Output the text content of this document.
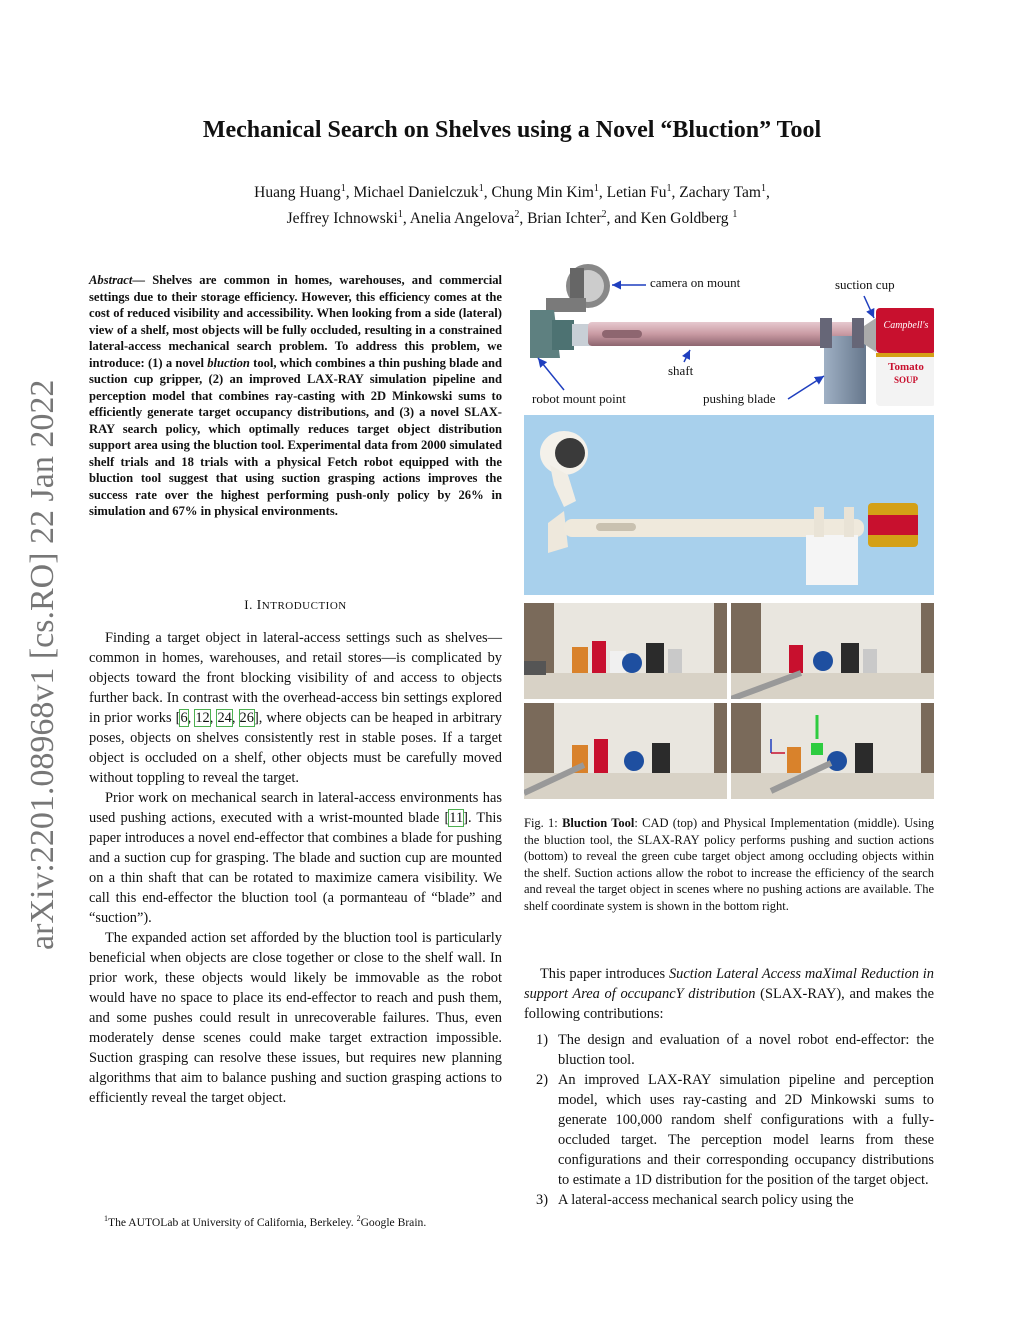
arXiv:2201.08968v1 [cs.RO] 22 Jan 2022
Mechanical Search on Shelves using a Novel “Bluction” Tool
Huang Huang$^1$, Michael Danielczuk$^1$, Chung Min Kim$^1$, Letian Fu$^1$, Zachary Tam$^1$,
Jeffrey Ichnowski$^1$, Anelia Angelova$^2$, Brian Ichter$^2$, and Ken Goldberg $^1$
Abstract— Shelves are common in homes, warehouses, and commercial settings due to their storage efficiency. However, this efficiency comes at the cost of reduced visibility and accessibility. When looking from a side (lateral) view of a shelf, most objects will be fully occluded, resulting in a constrained lateral-access mechanical search problem. To address this problem, we introduce: (1) a novel bluction tool, which combines a thin pushing blade and suction cup gripper, (2) an improved LAX-RAY simulation pipeline and perception model that combines ray-casting with 2D Minkowski sums to efficiently generate target occupancy distributions, and (3) a novel SLAX-RAY search policy, which optimally reduces target object distribution support area using the bluction tool. Experimental data from 2000 simulated shelf trials and 18 trials with a physical Fetch robot equipped with the bluction tool suggest that using suction grasping actions improves the success rate over the highest performing push-only policy by 26% in simulation and 67% in physical environments.
I. INTRODUCTION

Finding a target object in lateral-access settings such as shelves—common in homes, warehouses, and retail stores—is complicated by objects toward the front blocking visibility of and access to objects further back. In contrast with the overhead-access bin settings explored in prior works [6, 12, 24, 26], where objects can be heaped in arbitrary poses, objects on shelves consistently rest in stable poses. If a target object is occluded on a shelf, other objects must be carefully moved without toppling to reveal the target.

Prior work on mechanical search in lateral-access environments has used pushing actions, executed with a wrist-mounted blade [11]. This paper introduces a novel end-effector that combines a blade for pushing and a suction cup for grasping. The blade and suction cup are mounted on a thin shaft that can be rotated to maximize camera visibility. We call this end-effector the bluction tool (a pormanteau of “blade” and “suction”).

The expanded action set afforded by the bluction tool is particularly beneficial when objects are close together or close to the shelf wall. In prior work, these objects would likely be immovable as the robot would have no space to place its end-effector to reach and push them, and some pushes could result in unrecoverable failures. Thus, even moderately dense scenes could make target extraction impossible. Suction grasping can resolve these issues, but requires new planning algorithms that aim to balance pushing and suction grasping actions to efficiently reveal the target object.

$^1$The AUTOLab at University of California, Berkeley. $^2$Google Brain.
Campbell's
Tomato
SOUP
camera on mount	suction cup
shaft
robot mount point	pushing blade
Fig. 1: Bluction Tool: CAD (top) and Physical Implementation (middle). Using the bluction tool, the SLAX-RAY policy performs pushing and suction actions (bottom) to reveal the green cube target object among occluding objects within the shelf. Suction actions allow the robot to increase the efficiency of the search and reveal the target object in scenes where no pushing actions are available. The shelf coordinate system is shown in the bottom right.

This paper introduces Suction Lateral Access maXimal Reduction in support Area of occupancY distribution (SLAX-RAY), and makes the following contributions:

1) The design and evaluation of a novel robot end-effector: the bluction tool.
2) An improved LAX-RAY simulation pipeline and perception model, which uses ray-casting and 2D Minkowski sums to generate 100,000 random shelf configurations with a fully-occluded target. The perception model learns from these configurations and their corresponding occupancy distributions to estimate a 1D distribution for the position of the target object.
3) A lateral-access mechanical search policy using the
